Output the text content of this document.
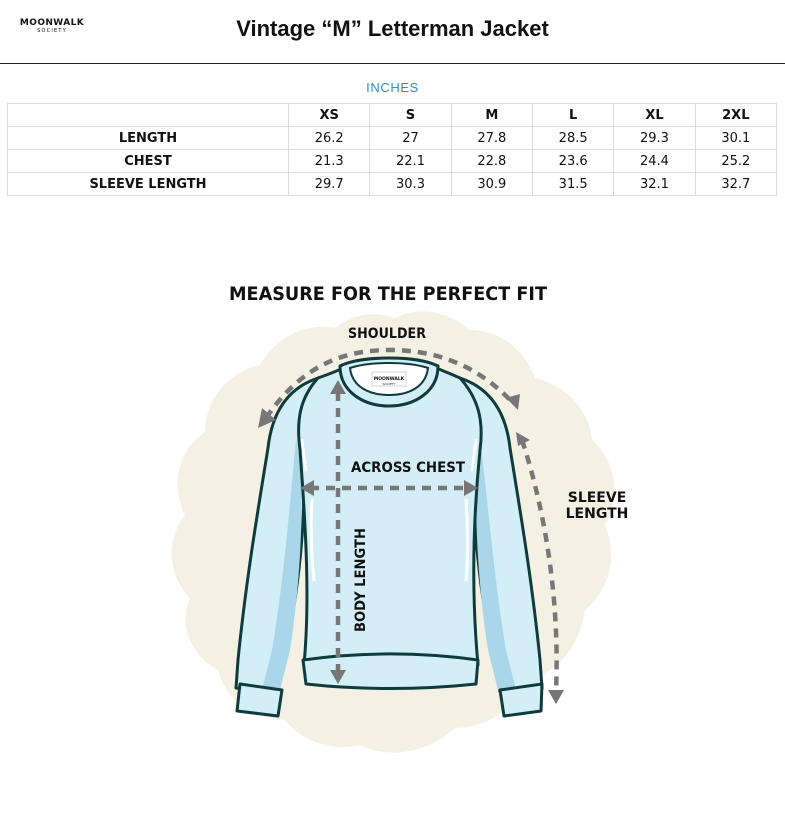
MOONWALK
SOCIETY	Vintage “M” Letterman Jacket
INCHES
	XS	S	M	L	XL	2XL
LENGTH	26.2	27	27.8	28.5	29.3	30.1
CHEST	21.3	22.1	22.8	23.6	24.4	25.2
SLEEVE LENGTH	29.7	30.3	30.9	31.5	32.1	32.7
MEASURE FOR THE PERFECT FIT
MOONWALK
SOCIETY
SHOULDER
ACROSS CHEST
SLEEVE
LENGTH
BODY LENGTH
